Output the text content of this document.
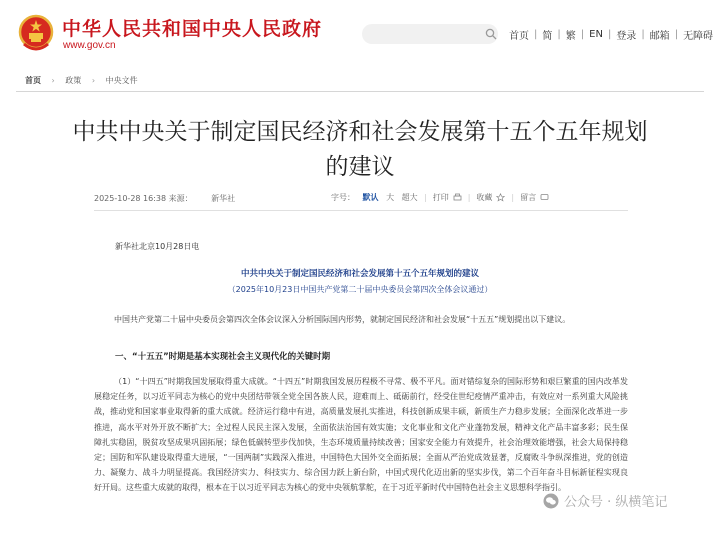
中华人民共和国中央人民政府
www.gov.cn
首页 | 简 | 繁 | EN | 登录 | 邮箱 | 无障碍
首页 › 政策 › 中央文件
中共中央关于制定国民经济和社会发展第十五个五年规划
的建议
2025-10-28 16:38 来源： 新华社	字号： 默认 大 超大 | 打印	| 收藏	| 留言
新华社北京10月28日电
中共中央关于制定国民经济和社会发展第十五个五年规划的建议
（2025年10月23日中国共产党第二十届中央委员会第四次全体会议通过）
中国共产党第二十届中央委员会第四次全体会议深入分析国际国内形势，就制定国民经济和社会发展“十五五”规划提出以下建议。
一、“十五五”时期是基本实现社会主义现代化的关键时期
（1）“十四五”时期我国发展取得重大成就。“十四五”时期我国发展历程极不寻常、极不平凡。面对错综复杂的国际形势和艰巨繁重的国内改革发展稳定任务，以习近平同志为核心的党中央团结带领全党全国各族人民，迎难而上、砥砺前行，经受住世纪疫情严重冲击，有效应对一系列重大风险挑战，推动党和国家事业取得新的重大成就。经济运行稳中有进，高质量发展扎实推进，科技创新成果丰硕，新质生产力稳步发展；全面深化改革进一步推进，高水平对外开放不断扩大；全过程人民民主深入发展，全面依法治国有效实施；文化事业和文化产业蓬勃发展，精神文化产品丰富多彩；民生保障扎实稳固，脱贫攻坚成果巩固拓展；绿色低碳转型步伐加快，生态环境质量持续改善；国家安全能力有效提升，社会治理效能增强，社会大局保持稳定；国防和军队建设取得重大进展，“一国两制”实践深入推进，中国特色大国外交全面拓展；全面从严治党成效显著，反腐败斗争纵深推进，党的创造力、凝聚力、战斗力明显提高。我国经济实力、科技实力、综合国力跃上新台阶，中国式现代化迈出新的坚实步伐，第二个百年奋斗目标新征程实现良好开局。这些重大成就的取得，根本在于以习近平同志为核心的党中央领航掌舵，在于习近平新时代中国特色社会主义思想科学指引。
公众号 · 纵横笔记
